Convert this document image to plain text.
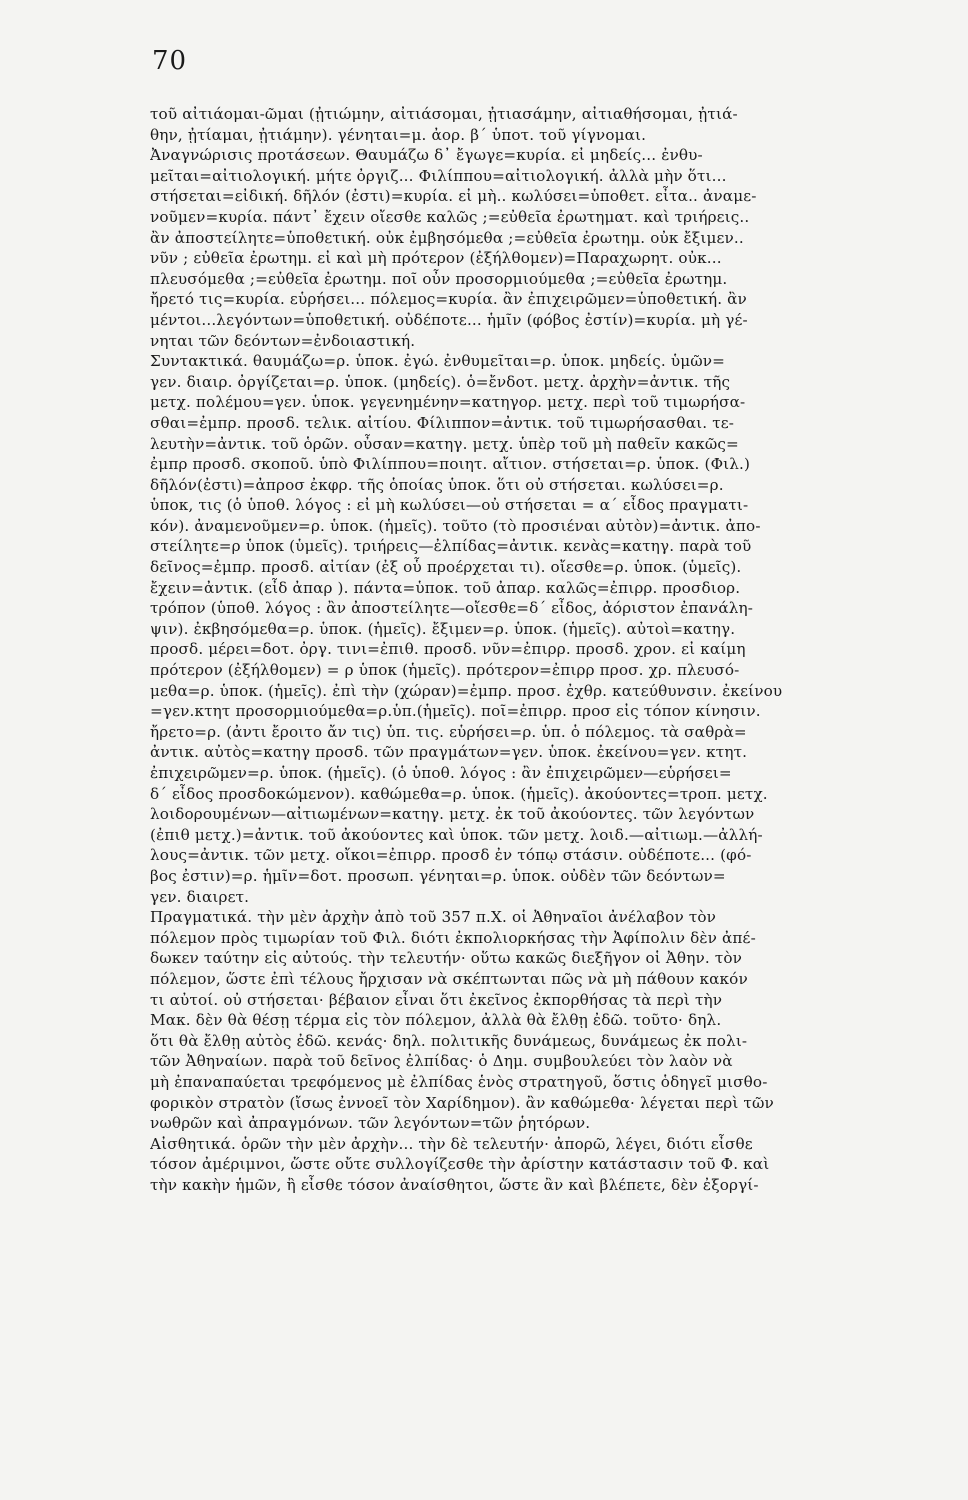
70
τοῦ αἰτιάομαι-ῶμαι (ᾐτιώμην, αἰτιάσομαι, ᾐτιασάμην, αἰτιαθήσομαι, ᾐτιά-
θην, ᾐτίαμαι, ᾐτιάμην). γένηται=μ. ἀορ. β΄ ὑποτ. τοῦ γίγνομαι.
Ἀναγνώρισις προτάσεων. Θαυμάζω δ᾽ ἔγωγε=κυρία. εἰ μηδείς... ἐνθυ-
μεῖται=αἰτιολογική. μήτε ὀργιζ... Φιλίππου=αἰτιολογική. ἀλλὰ μὴν ὅτι...
στήσεται=εἰδική. δῆλόν (ἐστι)=κυρία. εἰ μὴ.. κωλύσει=ὑποθετ. εἶτα.. ἀναμε-
νοῦμεν=κυρία. πάντ᾽ ἔχειν οἴεσθε καλῶς ;=εὐθεῖα ἐρωτηματ. καὶ τριήρεις..
ἂν ἀποστείλητε=ὑποθετική. οὐκ ἐμβησόμεθα ;=εὐθεῖα ἐρωτημ. οὐκ ἔξιμεν..
νῦν ; εὐθεῖα ἐρωτημ. εἰ καὶ μὴ πρότερον (ἐξήλθομεν)=Παραχωρητ. οὐκ...
πλευσόμεθα ;=εὐθεῖα ἐρωτημ. ποῖ οὖν προσορμιούμεθα ;=εὐθεῖα ἐρωτημ.
ἤρετό τις=κυρία. εὑρήσει... πόλεμος=κυρία. ἂν ἐπιχειρῶμεν=ὑποθετική. ἂν
μέντοι...λεγόντων=ὑποθετική. οὐδέποτε... ἡμῖν (φόβος ἐστίν)=κυρία. μὴ γέ-
νηται τῶν δεόντων=ἐνδοιαστική.
Συντακτικά. θαυμάζω=ρ. ὑποκ. ἐγώ. ἐνθυμεῖται=ρ. ὑποκ. μηδείς. ὑμῶν=
γεν. διαιρ. ὀργίζεται=ρ. ὑποκ. (μηδείς). ὁ=ἔνδοτ. μετχ. ἀρχὴν=ἀντικ. τῆς
μετχ. πολέμου=γεν. ὑποκ. γεγενημένην=κατηγορ. μετχ. περὶ τοῦ τιμωρήσα-
σθαι=ἐμπρ. προσδ. τελικ. αἰτίου. Φίλιππον=ἀντικ. τοῦ τιμωρήσασθαι. τε-
λευτὴν=ἀντικ. τοῦ ὁρῶν. οὖσαν=κατηγ. μετχ. ὑπὲρ τοῦ μὴ παθεῖν κακῶς=
ἐμπρ προσδ. σκοποῦ. ὑπὸ Φιλίππου=ποιητ. αἴτιον. στήσεται=ρ. ὑποκ. (Φιλ.)
δῆλόν(ἐστι)=ἀπροσ ἐκφρ. τῆς ὁποίας ὑποκ. ὅτι οὐ στήσεται. κωλύσει=ρ.
ὑποκ, τις (ὁ ὑποθ. λόγος : εἰ μὴ κωλύσει—οὐ στήσεται = α΄ εἶδος πραγματι-
κόν). ἀναμενοῦμεν=ρ. ὑποκ. (ἡμεῖς). τοῦτο (τὸ προσιέναι αὐτὸν)=ἀντικ. ἀπο-
στείλητε=ρ ὑποκ (ὑμεῖς). τριήρεις—ἐλπίδας=ἀντικ. κενὰς=κατηγ. παρὰ τοῦ
δεῖνος=ἐμπρ. προσδ. αἰτίαν (ἐξ οὗ προέρχεται τι). οἴεσθε=ρ. ὑποκ. (ὑμεῖς).
ἔχειν=ἀντικ. (εἶδ ἀπαρ ). πάντα=ὑποκ. τοῦ ἀπαρ. καλῶς=ἐπιρρ. προσδιορ.
τρόπον (ὑποθ. λόγος : ἂν ἀποστείλητε—οἴεσθε=δ΄ εἶδος, ἀόριστον ἐπανάλη-
ψιν). ἐκβησόμεθα=ρ. ὑποκ. (ἡμεῖς). ἔξιμεν=ρ. ὑποκ. (ἡμεῖς). αὐτοὶ=κατηγ.
προσδ. μέρει=δοτ. ὀργ. τινι=ἐπιθ. προσδ. νῦν=ἐπιρρ. προσδ. χρον. εἰ καίμη
πρότερον (ἐξήλθομεν) = ρ ὑποκ (ἡμεῖς). πρότερον=ἐπιρρ προσ. χρ. πλευσό-
μεθα=ρ. ὑποκ. (ἡμεῖς). ἐπὶ τὴν (χώραν)=ἐμπρ. προσ. ἐχθρ. κατεύθυνσιν. ἐκείνου
=γεν.κτητ προσορμιούμεθα=ρ.ὑπ.(ἡμεῖς). ποῖ=ἐπιρρ. προσ εἰς τόπον κίνησιν.
ἤρετο=ρ. (ἀντι ἔροιτο ἄν τις) ὑπ. τις. εὑρήσει=ρ. ὑπ. ὁ πόλεμος. τὰ σαθρὰ=
ἀντικ. αὐτὸς=κατηγ προσδ. τῶν πραγμάτων=γεν. ὑποκ. ἐκείνου=γεν. κτητ.
ἐπιχειρῶμεν=ρ. ὑποκ. (ἡμεῖς). (ὁ ὑποθ. λόγος : ἂν ἐπιχειρῶμεν—εὑρήσει=
δ΄ εἶδος προσδοκώμενον). καθώμεθα=ρ. ὑποκ. (ἡμεῖς). ἀκούοντες=τροπ. μετχ.
λοιδορουμένων—αἰτιωμένων=κατηγ. μετχ. ἐκ τοῦ ἀκούοντες. τῶν λεγόντων
(ἐπιθ μετχ.)=ἀντικ. τοῦ ἀκούοντες καὶ ὑποκ. τῶν μετχ. λοιδ.—αἰτιωμ.—ἀλλή-
λους=ἀντικ. τῶν μετχ. οἴκοι=ἐπιρρ. προσδ ἐν τόπῳ στάσιν. οὐδέποτε... (φό-
βος ἐστιν)=ρ. ἡμῖν=δοτ. προσωπ. γένηται=ρ. ὑποκ. οὐδὲν τῶν δεόντων=
γεν. διαιρετ.
Πραγματικά. τὴν μὲν ἀρχὴν ἀπὸ τοῦ 357 π.Χ. οἱ Ἀθηναῖοι ἀνέλαβον τὸν
πόλεμον πρὸς τιμωρίαν τοῦ Φιλ. διότι ἐκπολιορκήσας τὴν Ἀφίπολιν δὲν ἀπέ-
δωκεν ταύτην εἰς αὐτούς. τὴν τελευτήν· οὕτω κακῶς διεξῆγον οἱ Ἀθην. τὸν
πόλεμον, ὥστε ἐπὶ τέλους ἤρχισαν νὰ σκέπτωνται πῶς νὰ μὴ πάθουν κακόν
τι αὐτοί. οὐ στήσεται· βέβαιον εἶναι ὅτι ἐκεῖνος ἐκπορθήσας τὰ περὶ τὴν
Μακ. δὲν θὰ θέσῃ τέρμα εἰς τὸν πόλεμον, ἀλλὰ θὰ ἔλθῃ ἐδῶ. τοῦτο· δηλ.
ὅτι θὰ ἔλθῃ αὐτὸς ἐδῶ. κενάς· δηλ. πολιτικῆς δυνάμεως, δυνάμεως ἐκ πολι-
τῶν Ἀθηναίων. παρὰ τοῦ δεῖνος ἐλπίδας· ὁ Δημ. συμβουλεύει τὸν λαὸν νὰ
μὴ ἐπαναπαύεται τρεφόμενος μὲ ἐλπίδας ἑνὸς στρατηγοῦ, ὅστις ὁδηγεῖ μισθο-
φορικὸν στρατὸν (ἴσως ἐννοεῖ τὸν Χαρίδημον). ἂν καθώμεθα· λέγεται περὶ τῶν
νωθρῶν καὶ ἀπραγμόνων. τῶν λεγόντων=τῶν ῥητόρων.
Αἰσθητικά. ὁρῶν τὴν μὲν ἀρχὴν... τὴν δὲ τελευτήν· ἀπορῶ, λέγει, διότι εἶσθε
τόσον ἀμέριμνοι, ὥστε οὔτε συλλογίζεσθε τὴν ἀρίστην κατάστασιν τοῦ Φ. καὶ
τὴν κακὴν ἡμῶν, ἢ εἶσθε τόσον ἀναίσθητοι, ὥστε ἂν καὶ βλέπετε, δὲν ἐξοργί-
